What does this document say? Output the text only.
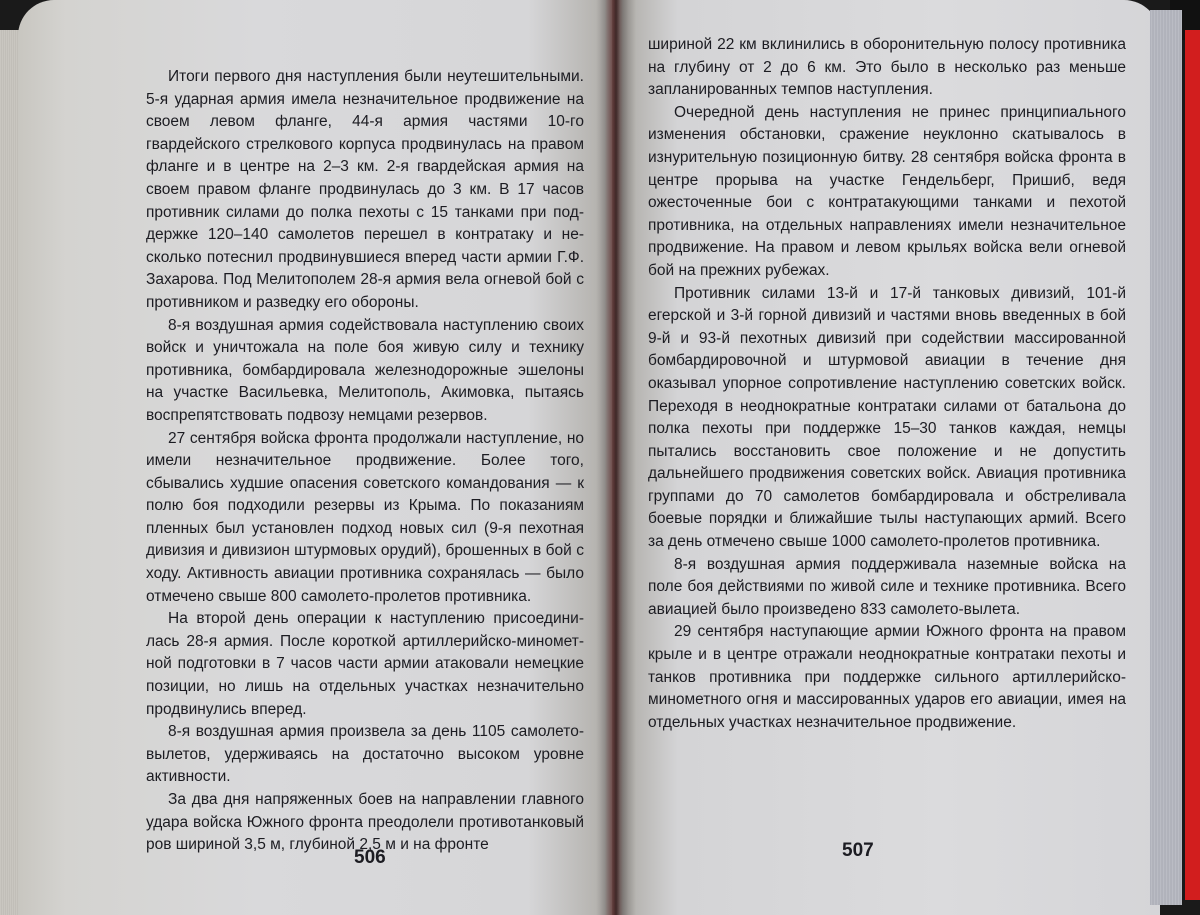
Итоги первого дня наступления были неутешительными. 5-я ударная армия имела незначительное продвижение на своем левом фланге, 44-я армия частями 10-го гвардейского стрелкового корпуса продвинулась на правом фланге и в центре на 2–3 км. 2-я гвардейская армия на своем правом фланге продвинулась до 3 км. В 17 часов противник силами до полка пехоты с 15 танками при поддержке 120–140 самолетов перешел в контратаку и несколько потеснил продвинувшиеся вперед части армии Г.Ф. Захарова. Под Мелитополем 28-я армия вела огневой бой с противником и разведку его обороны.

8-я воздушная армия содействовала наступлению своих войск и уничтожала на поле боя живую силу и технику противника, бомбардировала железнодорожные эшелоны на участке Васильевка, Мелитополь, Акимовка, пытаясь воспрепятствовать подвозу немцами резервов.

27 сентября войска фронта продолжали наступление, но имели незначительное продвижение. Более того, сбывались худшие опасения советского командования — к полю боя подходили резервы из Крыма. По показаниям пленных был установлен подход новых сил (9-я пехотная дивизия и дивизион штурмовых орудий), брошенных в бой с ходу. Активность авиации противника сохранялась — было отмечено свыше 800 самолето-пролетов противника.

На второй день операции к наступлению присоединилась 28-я армия. После короткой артиллерийско-минометной подготовки в 7 часов части армии атаковали немецкие позиции, но лишь на отдельных участках незначительно продвинулись вперед.

8-я воздушная армия произвела за день 1105 самолето-вылетов, удерживаясь на достаточно высоком уровне активности.

За два дня напряженных боев на направлении главного удара войска Южного фронта преодолели противотанковый ров шириной 3,5 м, глубиной 2,5 м и на фронте

шириной 22 км вклинились в оборонительную полосу противника на глубину от 2 до 6 км. Это было в несколько раз меньше запланированных темпов наступления.

Очередной день наступления не принес принципиального изменения обстановки, сражение неуклонно скатывалось в изнурительную позиционную битву. 28 сентября войска фронта в центре прорыва на участке Гендельберг, Пришиб, ведя ожесточенные бои с контратакующими танками и пехотой противника, на отдельных направлениях имели незначительное продвижение. На правом и левом крыльях войска вели огневой бой на прежних рубежах.

Противник силами 13-й и 17-й танковых дивизий, 101-й егерской и 3-й горной дивизий и частями вновь введенных в бой 9-й и 93-й пехотных дивизий при содействии массированной бомбардировочной и штурмовой авиации в течение дня оказывал упорное сопротивление наступлению советских войск. Переходя в неоднократные контратаки силами от батальона до полка пехоты при поддержке 15–30 танков каждая, немцы пытались восстановить свое положение и не допустить дальнейшего продвижения советских войск. Авиация противника группами до 70 самолетов бомбардировала и обстреливала боевые порядки и ближайшие тылы наступающих армий. Всего за день отмечено свыше 1000 самолето-пролетов противника.

8-я воздушная армия поддерживала наземные войска на поле боя действиями по живой силе и технике противника. Всего авиацией было произведено 833 самолето-вылета.

29 сентября наступающие армии Южного фронта на правом крыле и в центре отражали неоднократные контратаки пехоты и танков противника при поддержке сильного артиллерийско-минометного огня и массированных ударов его авиации, имея на отдельных участках незначительное продвижение.

506	507
